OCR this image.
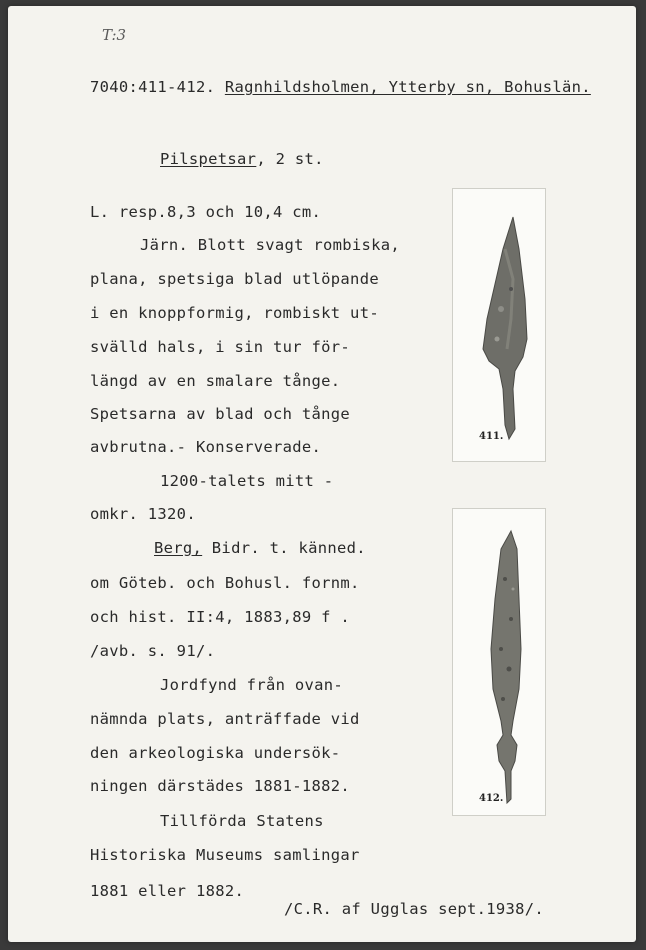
T:3
7040:411-412. Ragnhildsholmen, Ytterby sn, Bohuslän.
Pilspetsar, 2 st.
L. resp.8,3 och 10,4 cm.
Järn. Blott svagt rombiska,
plana, spetsiga blad utlöpande
i en knoppformig, rombiskt ut-
svälld hals, i sin tur för-
längd av en smalare tånge.
Spetsarna av blad och tånge
avbrutna.- Konserverade.
1200-talets mitt -
omkr. 1320.
Berg, Bidr. t. känned.
om Göteb. och Bohusl. fornm.
och hist. II:4, 1883,89 f .
/avb. s. 91/.
Jordfynd från ovan-
nämnda plats, anträffade vid
den arkeologiska undersök-
ningen därstädes 1881-1882.
Tillförda Statens
Historiska Museums samlingar
1881 eller 1882.
/C.R. af Ugglas sept.1938/.
411.
412.
